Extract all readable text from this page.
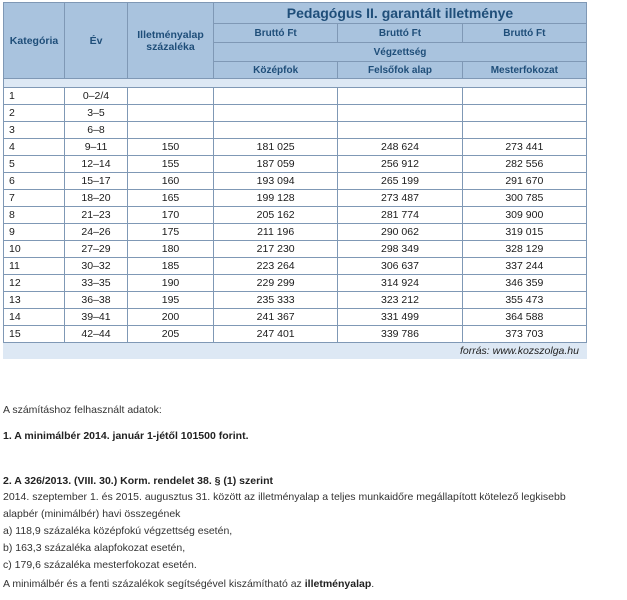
Kategória	Év	Illetményalap százaléka	Pedagógus II. garantált illetménye		
			Bruttó Ft	Bruttó Ft	Bruttó Ft
			Végzettség		
			Középfok	Felsőfok alap	Mesterfokozat

1	0–2/4				
2	3–5				
3	6–8				
4	9–11	150	181 025	248 624	273 441
5	12–14	155	187 059	256 912	282 556
6	15–17	160	193 094	265 199	291 670
7	18–20	165	199 128	273 487	300 785
8	21–23	170	205 162	281 774	309 900
9	24–26	175	211 196	290 062	319 015
10	27–29	180	217 230	298 349	328 129
11	30–32	185	223 264	306 637	337 244
12	33–35	190	229 299	314 924	346 359
13	36–38	195	235 333	323 212	355 473
14	39–41	200	241 367	331 499	364 588
15	42–44	205	247 401	339 786	373 703
forrás: www.kozszolga.hu
A számításhoz felhasznált adatok:
1. A minimálbér 2014. január 1-jétől 101500 forint.
2. A 326/2013. (VIII. 30.) Korm. rendelet 38. § (1) szerint
2014. szeptember 1. és 2015. augusztus 31. között az illetményalap a teljes munkaidőre megállapított kötelező legkisebb
alapbér (minimálbér) havi összegének
a) 118,9 százaléka középfokú végzettség esetén,
b) 163,3 százaléka alapfokozat esetén,
c) 179,6 százaléka mesterfokozat esetén.
A minimálbér és a fenti százalékok segítségével kiszámítható az illetményalap.
